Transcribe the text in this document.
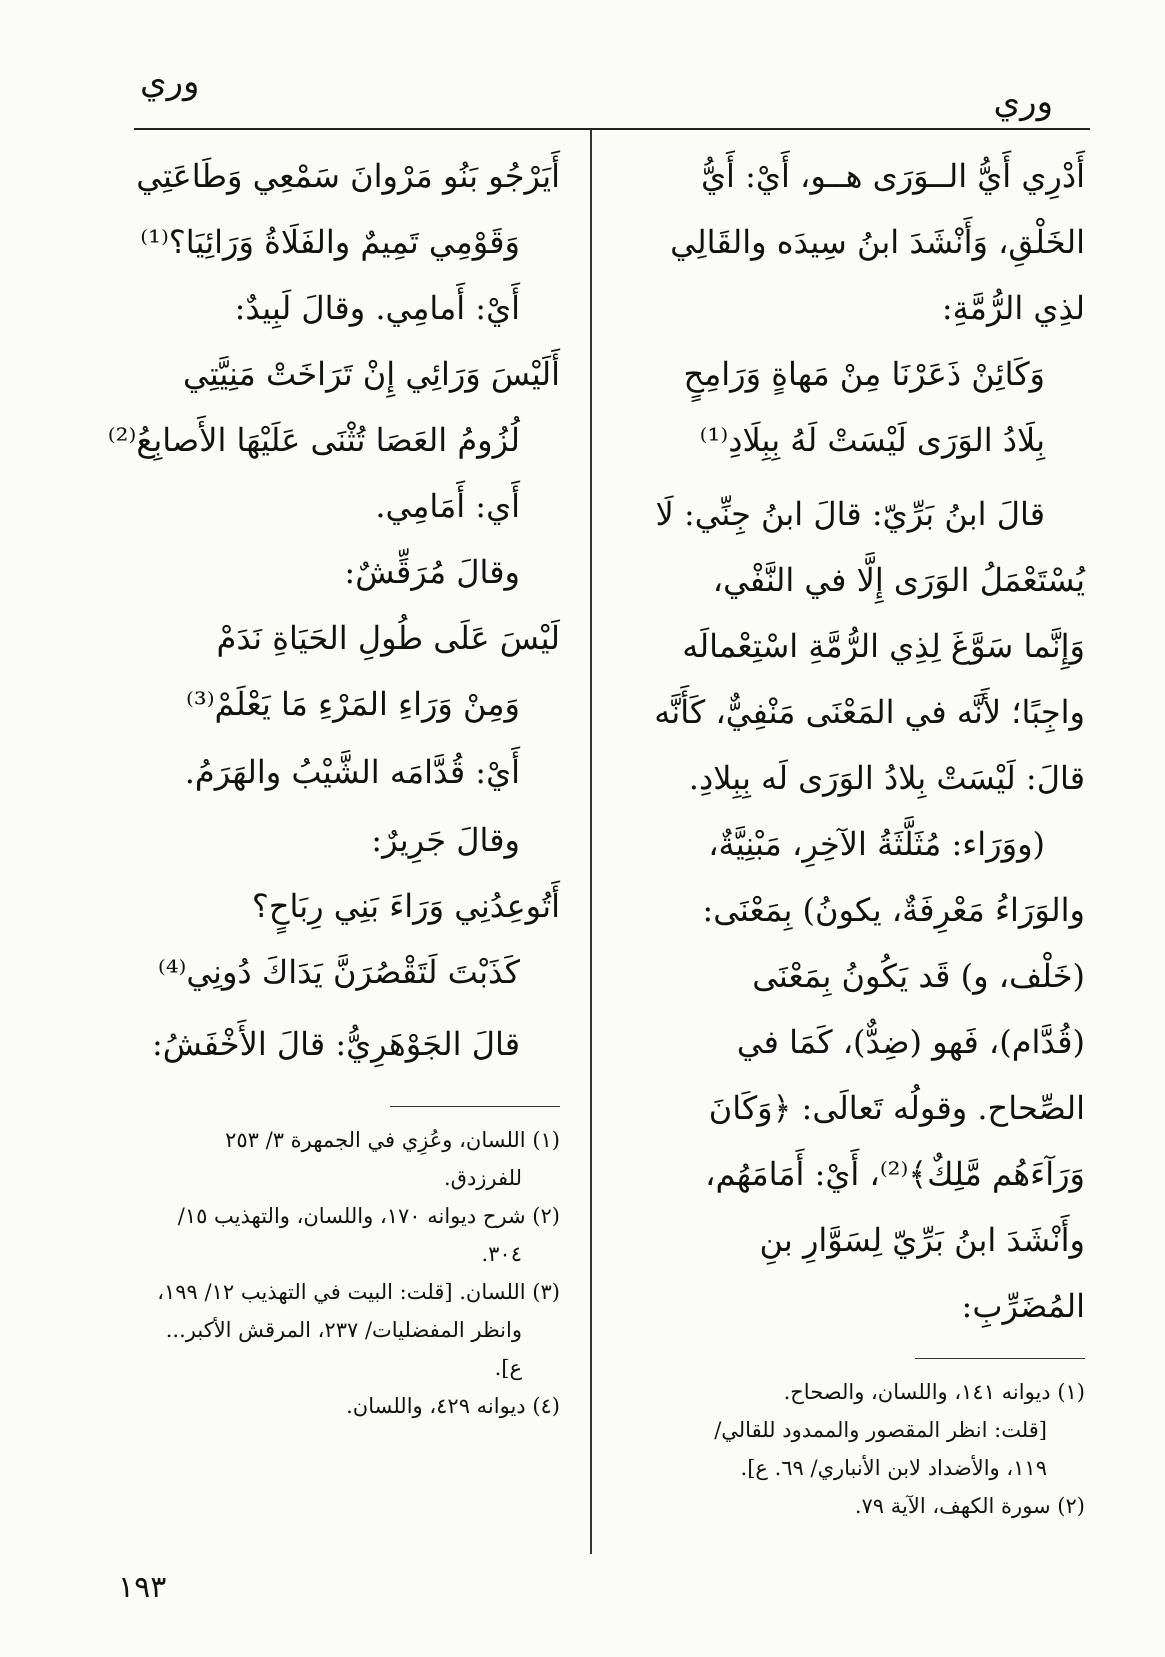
وري	وري
أَدْرِي أَيُّ الــوَرَى هــو، أَيْ: أَيُّ
الخَلْقِ، وَأَنْشَدَ ابنُ سِيدَه والقَالِي
لذِي الرُّمَّةِ:
وَكَائِنْ ذَعَرْنَا مِنْ مَهاةٍ وَرَامِحٍ
بِلَادُ الوَرَى لَيْسَتْ لَهُ بِبِلَادِ⁽¹⁾
قالَ ابنُ بَرِّيّ: قالَ ابنُ جِنِّي: لَا
يُسْتَعْمَلُ الوَرَى إِلَّا في النَّفْي،
وَإِنَّما سَوَّغَ لِذِي الرُّمَّةِ اسْتِعْمالَه
واجِبًا؛ لأَنَّه في المَعْنَى مَنْفِيٌّ، كَأَنَّه
قالَ: لَيْسَتْ بِلادُ الوَرَى لَه بِبِلادِ.
(ووَرَاء: مُثَلَّثَةُ الآخِرِ، مَبْنِيَّةٌ،
والوَرَاءُ مَعْرِفَةٌ، يكونُ) بِمَعْنَى:
(خَلْف، و) قَد يَكُونُ بِمَعْنَى
(قُدَّام)، فَهو (ضِدٌّ)، كَمَا في
الصِّحاح. وقولُه تَعالَى: ﴿وَكَانَ
وَرَآءَهُم مَّلِكٌ﴾⁽²⁾، أَيْ: أَمَامَهُم،
وأَنْشَدَ ابنُ بَرِّيّ لِسَوَّارِ بنِ
المُضَرِّبِ:
(١) ديوانه ١٤١، واللسان، والصحاح.
[قلت: انظر المقصور والممدود للقالي/
١١٩، والأضداد لابن الأنباري/ ٦٩. ع].
(٢) سورة الكهف، الآية ٧٩.
أَيَرْجُو بَنُو مَرْوانَ سَمْعِي وَطَاعَتِي
وَقَوْمِي تَمِيمٌ والفَلَاةُ وَرَائِيَا؟⁽¹⁾
أَيْ: أَمامِي. وقالَ لَبِيدٌ:
أَلَيْسَ وَرَائِي إِنْ تَرَاخَتْ مَنِيَّتِي
لُزُومُ العَصَا تُثْنَى عَلَيْهَا الأَصابِعُ⁽²⁾
أَي: أَمَامِي.
وقالَ مُرَقِّشٌ:
لَيْسَ عَلَى طُولِ الحَيَاةِ نَدَمْ
وَمِنْ وَرَاءِ المَرْءِ مَا يَعْلَمْ⁽³⁾
أَيْ: قُدَّامَه الشَّيْبُ والهَرَمُ.
وقالَ جَرِيرٌ:
أَتُوعِدُنِي وَرَاءَ بَنِي رِبَاحٍ؟
كَذَبْتَ لَتَقْصُرَنَّ يَدَاكَ دُونِي⁽⁴⁾
قالَ الجَوْهَرِيُّ: قالَ الأَخْفَشُ:
(١) اللسان، وعُزِي في الجمهرة ٣/ ٢٥٣
للفرزدق.
(٢) شرح ديوانه ١٧٠، واللسان، والتهذيب ١٥/
٣٠٤.
(٣) اللسان. [قلت: البيت في التهذيب ١٢/ ١٩٩،
وانظر المفضليات/ ٢٣٧، المرقش الأكبر...
ع].
(٤) ديوانه ٤٢٩، واللسان.
١٩٣
